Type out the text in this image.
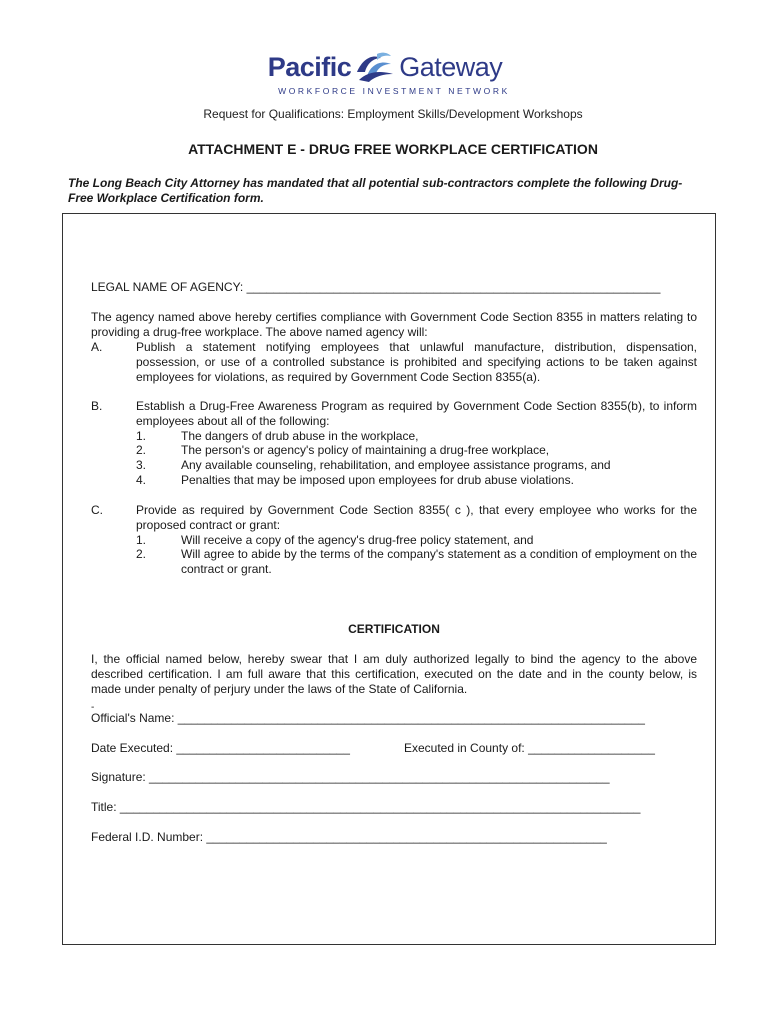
Pacific Gateway
WORKFORCE INVESTMENT NETWORK
Request for Qualifications: Employment Skills/Development Workshops
ATTACHMENT E - DRUG FREE WORKPLACE CERTIFICATION
The Long Beach City Attorney has mandated that all potential sub-contractors complete the following Drug-Free Workplace Certification form.
LEGAL NAME OF AGENCY: ______________________________________________________________
The agency named above hereby certifies compliance with Government Code Section 8355 in matters relating to providing a drug-free workplace. The above named agency will:
A.	Publish a statement notifying employees that unlawful manufacture, distribution, dispensation, possession, or use of a controlled substance is prohibited and specifying actions to be taken against employees for violations, as required by Government Code Section 8355(a).
B.	Establish a Drug-Free Awareness Program as required by Government Code Section 8355(b), to inform employees about all of the following:
1.	The dangers of drub abuse in the workplace,
2.	The person's or agency's policy of maintaining a drug-free workplace,
3.	Any available counseling, rehabilitation, and employee assistance programs, and
4.	Penalties that may be imposed upon employees for drub abuse violations.
C.	Provide as required by Government Code Section 8355( c ), that every employee who works for the proposed contract or grant:
1.	Will receive a copy of the agency's drug-free policy statement, and
2.	Will agree to abide by the terms of the company's statement as a condition of employment on the contract or grant.
CERTIFICATION
I, the official named below, hereby swear that I am duly authorized legally to bind the agency to the above described certification. I am full aware that this certification, executed on the date and in the county below, is made under penalty of perjury under the laws of the State of California.
-
Official's Name: ______________________________________________________________________
Date Executed: __________________________	Executed in County of: ___________________
Signature: _____________________________________________________________________
Title: ______________________________________________________________________________
Federal I.D. Number: ____________________________________________________________
